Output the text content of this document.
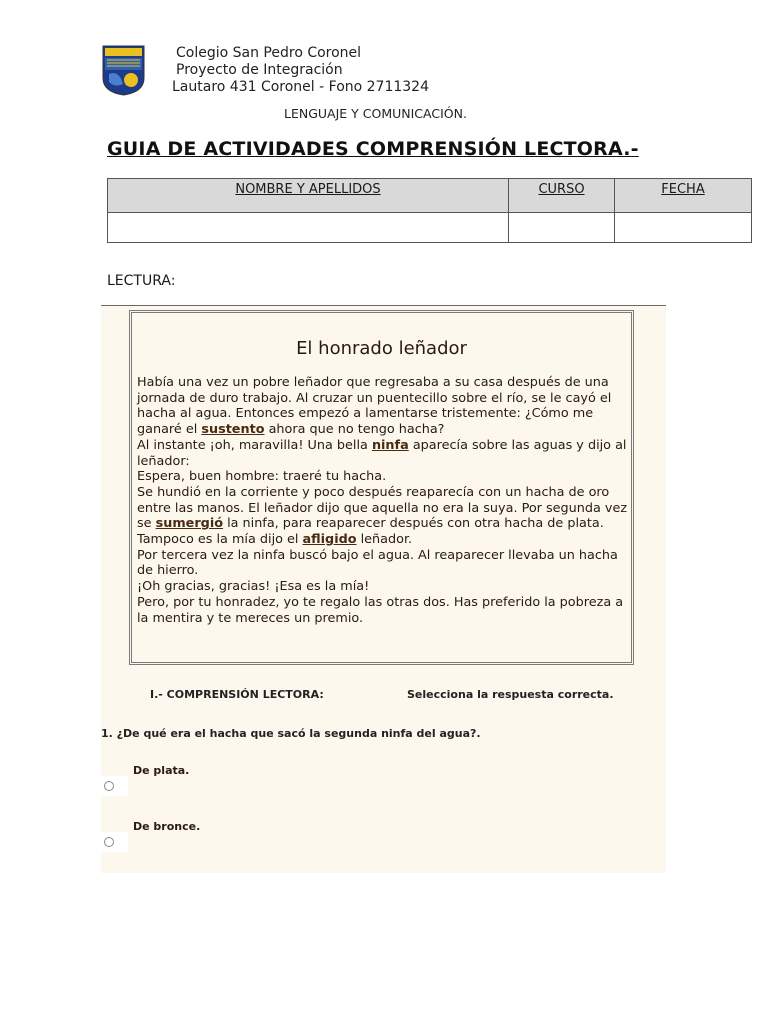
Colegio San Pedro Coronel
Proyecto de Integración
Lautaro 431 Coronel - Fono 2711324
LENGUAJE Y COMUNICACIÓN.
GUIA DE ACTIVIDADES COMPRENSIÓN LECTORA.-
NOMBRE Y APELLIDOS	CURSO	FECHA

LECTURA:
El honrado leñador

Había una vez un pobre leñador que regresaba a su casa después de una jornada de duro trabajo. Al cruzar un puentecillo sobre el río, se le cayó el hacha al agua. Entonces empezó a lamentarse tristemente: ¿Cómo me ganaré el sustento ahora que no tengo hacha?

Al instante ¡oh, maravilla! Una bella ninfa aparecía sobre las aguas y dijo al leñador:

Espera, buen hombre: traeré tu hacha.

Se hundió en la corriente y poco después reaparecía con un hacha de oro entre las manos. El leñador dijo que aquella no era la suya. Por segunda vez se sumergió la ninfa, para reaparecer después con otra hacha de plata.

Tampoco es la mía dijo el afligido leñador.

Por tercera vez la ninfa buscó bajo el agua. Al reaparecer llevaba un hacha de hierro.

¡Oh gracias, gracias! ¡Esa es la mía!

Pero, por tu honradez, yo te regalo las otras dos. Has preferido la pobreza a la mentira y te mereces un premio.

I.- COMPRENSIÓN LECTORA:	Selecciona la respuesta correcta.
1. ¿De qué era el hacha que sacó la segunda ninfa del agua?.
De plata.
De bronce.
